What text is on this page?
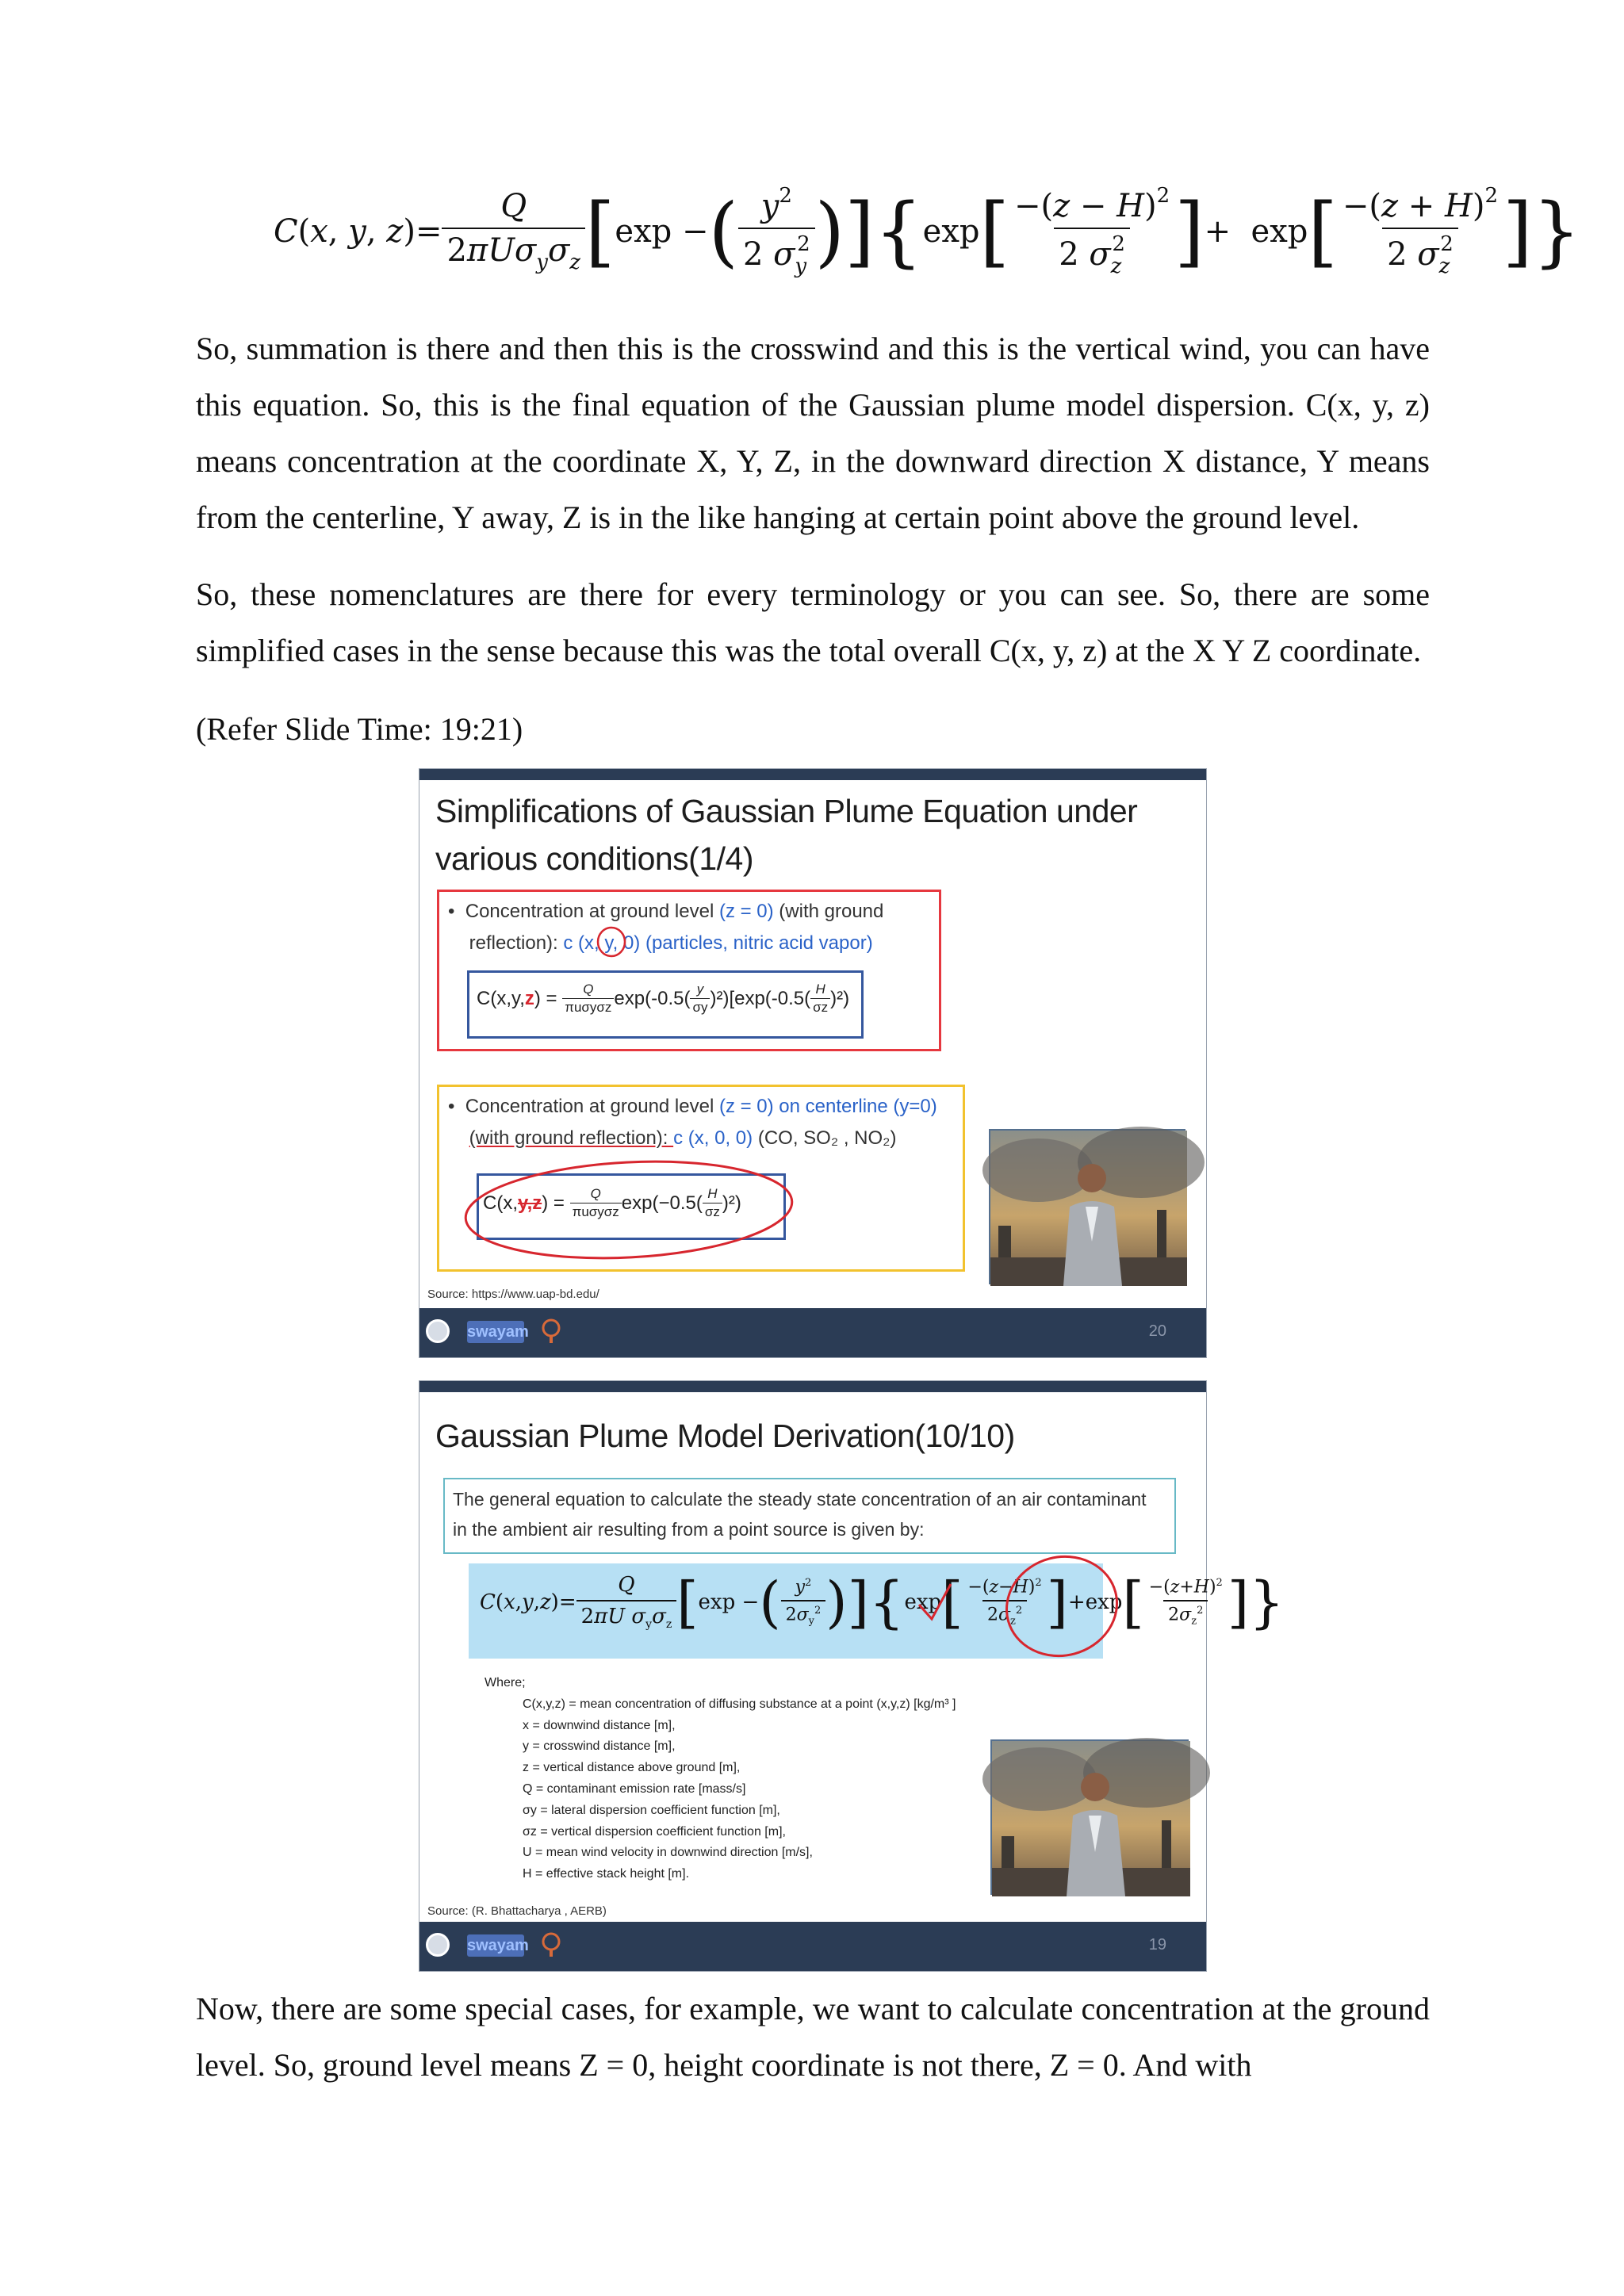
C ( x , y , z ) = $\frac{Q}{2\pi U\sigma_y\sigma_z}$ [ exp − ( $\frac{y^2}{2 \sigma_y^2}$ ) ] { exp [ $\frac{-(z - H)^2}{2 \sigma_z^2}$ ] +  exp [ $\frac{-(z + H)^2}{2 \sigma_z^2}$ ] }

So, summation is there and then this is the crosswind and this is the vertical wind, you can have this equation. So, this is the final equation of the Gaussian plume model dispersion. C(x, y, z) means concentration at the coordinate X, Y, Z, in the downward direction X distance, Y means from the centerline, Y away, Z is in the like hanging at certain point above the ground level.

So, these nomenclatures are there for every terminology or you can see. So, there are some simplified cases in the sense because this was the total overall C(x, y, z) at the X Y Z coordinate.

(Refer Slide Time: 19:21)

Simplifications of Gaussian Plume Equation under
various conditions(1/4)
•  Concentration at ground level (z = 0) (with ground
reflection): c (x, y, 0) (particles, nitric acid vapor)
C(x,y, z ) =
Q
πuσyσz exp(-0.5( y
σy )²)[exp(-0.5( H
σz )²)
•  Concentration at ground level (z = 0) on centerline (y=0)
(with ground reflection): c (x, 0, 0) (CO, SO₂ , NO₂)
C(x, y,z ) =
Q
πuσyσz exp(−0.5( H
σz )²)
Source: https://www.uap-bd.edu/
swayam	20
Gaussian Plume Model Derivation(10/10)
The general equation to calculate the steady state concentration of an air contaminant
in the ambient air resulting from a point source is given by:
C ( x , y , z )= $\frac{Q}{2\pi U \sigma_y\sigma_z}$ [ exp − ( $\frac{y^2}{2\sigma_y^2}$ ) ] { exp [ $\frac{-(z-H)^2}{2\sigma_z^2}$ ] +exp [ $\frac{-(z+H)^2}{2\sigma_z^2}$ ] }
Where;
C(x,y,z) = mean concentration of diffusing substance at a point (x,y,z) [kg/m³ ]
x = downwind distance [m],
y = crosswind distance [m],
z = vertical distance above ground [m],
Q = contaminant emission rate [mass/s]
σy = lateral dispersion coefficient function [m],
σz = vertical dispersion coefficient function [m],
U = mean wind velocity in downwind direction [m/s],
H = effective stack height [m].
Source: (R. Bhattacharya , AERB)
swayam	19

Now, there are some special cases, for example, we want to calculate concentration at the ground level. So, ground level means Z = 0, height coordinate is not there, Z = 0. And with
